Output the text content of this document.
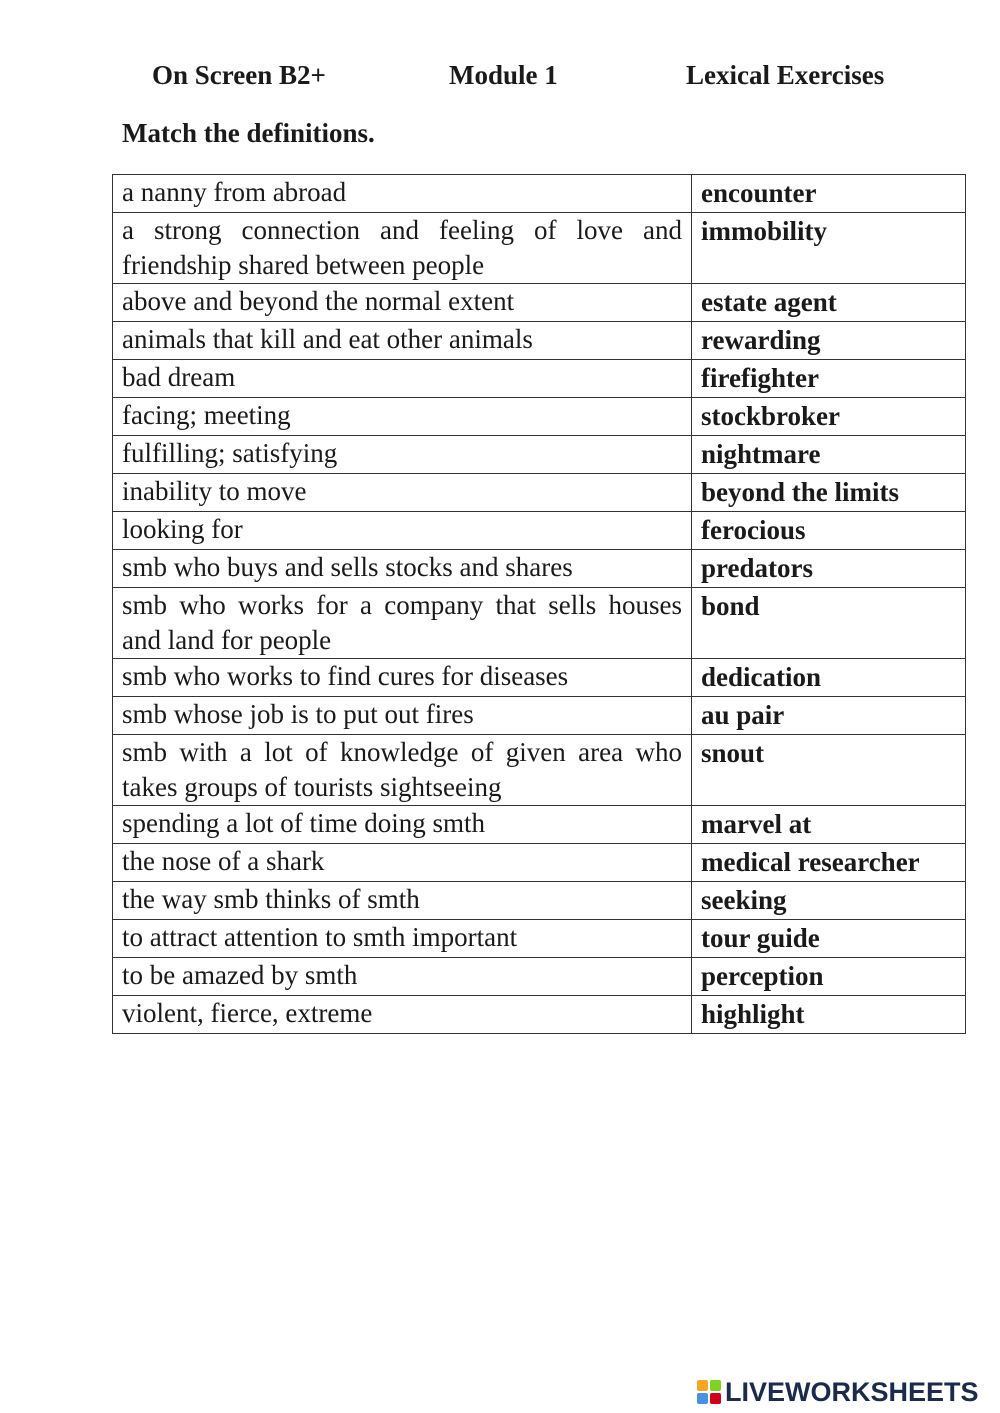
On Screen B2+	Module 1	Lexical Exercises
Match the definitions.
a nanny from abroad	encounter

a strong connection and feeling of love and friendship shared between people	immobility

above and beyond the normal extent	estate agent

animals that kill and eat other animals	rewarding

bad dream	firefighter

facing; meeting	stockbroker

fulfilling; satisfying	nightmare

inability to move	beyond the limits

looking for	ferocious

smb who buys and sells stocks and shares	predators

smb who works for a company that sells houses and land for people	bond

smb who works to find cures for diseases	dedication

smb whose job is to put out fires	au pair

smb with a lot of knowledge of given area who takes groups of tourists sightseeing	snout

spending a lot of time doing smth	marvel at

the nose of a shark	medical researcher

the way smb thinks of smth	seeking

to attract attention to smth important	tour guide

to be amazed by smth	perception

violent, fierce, extreme	highlight
LIVEWORKSHEETS
